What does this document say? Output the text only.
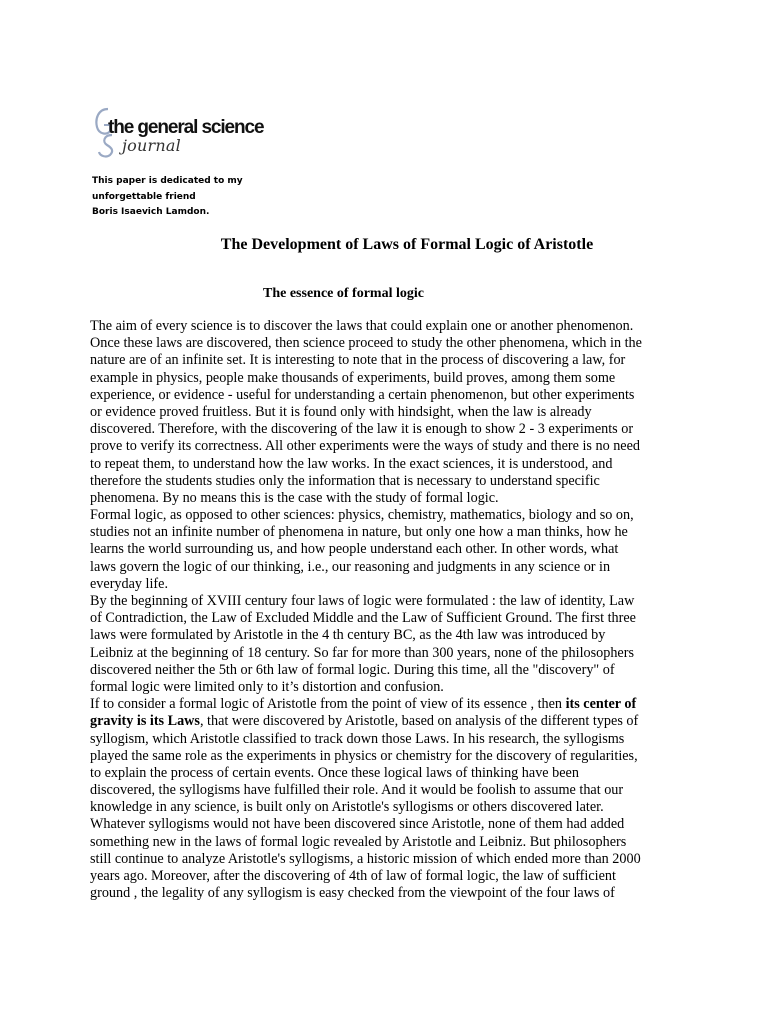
the general science
journal
This paper is dedicated to my
unforgettable friend
Boris Isaevich Lamdon.
The Development of Laws of Formal Logic of Aristotle
The essence of formal logic
The aim of every science is to discover the laws that could explain one or another phenomenon.
Once these laws are discovered, then science proceed to study the other phenomena, which in the
nature are of an infinite set. It is interesting to note that in the process of discovering a law, for
example in physics, people make thousands of experiments, build proves, among them some
experience, or evidence - useful for understanding a certain phenomenon, but other experiments
or evidence proved fruitless. But it is found only with hindsight, when the law is already
discovered. Therefore, with the discovering of the law it is enough to show 2 - 3 experiments or
prove to verify its correctness. All other experiments were the ways of study and there is no need
to repeat them, to understand how the law works. In the exact sciences, it is understood, and
therefore the students studies only the information that is necessary to understand specific
phenomena. By no means this is the case with the study of formal logic.
Formal logic, as opposed to other sciences: physics, chemistry, mathematics, biology and so on,
studies not an infinite number of phenomena in nature, but only one how a man thinks, how he
learns the world surrounding us, and how people understand each other. In other words, what
laws govern the logic of our thinking, i.e., our reasoning and judgments in any science or in
everyday life.
By the beginning of XVIII century four laws of logic were formulated : the law of identity, Law
of Contradiction, the Law of Excluded Middle and the Law of Sufficient Ground. The first three
laws were formulated by Aristotle in the 4 th century BC, as the 4th law was introduced by
Leibniz at the beginning of 18 century. So far for more than 300 years, none of the philosophers
discovered neither the 5th or 6th law of formal logic. During this time, all the "discovery" of
formal logic were limited only to it’s distortion and confusion.
If to consider a formal logic of Aristotle from the point of view of its essence , then its center of
gravity is its Laws, that were discovered by Aristotle, based on analysis of the different types of
syllogism, which Aristotle classified to track down those Laws. In his research, the syllogisms
played the same role as the experiments in physics or chemistry for the discovery of regularities,
to explain the process of certain events. Once these logical laws of thinking have been
discovered, the syllogisms have fulfilled their role. And it would be foolish to assume that our
knowledge in any science, is built only on Aristotle's syllogisms or others discovered later.
Whatever syllogisms would not have been discovered since Aristotle, none of them had added
something new in the laws of formal logic revealed by Aristotle and Leibniz. But philosophers
still continue to analyze Aristotle's syllogisms, a historic mission of which ended more than 2000
years ago. Moreover, after the discovering of 4th of law of formal logic, the law of sufficient
ground , the legality of any syllogism is easy checked from the viewpoint of the four laws of
